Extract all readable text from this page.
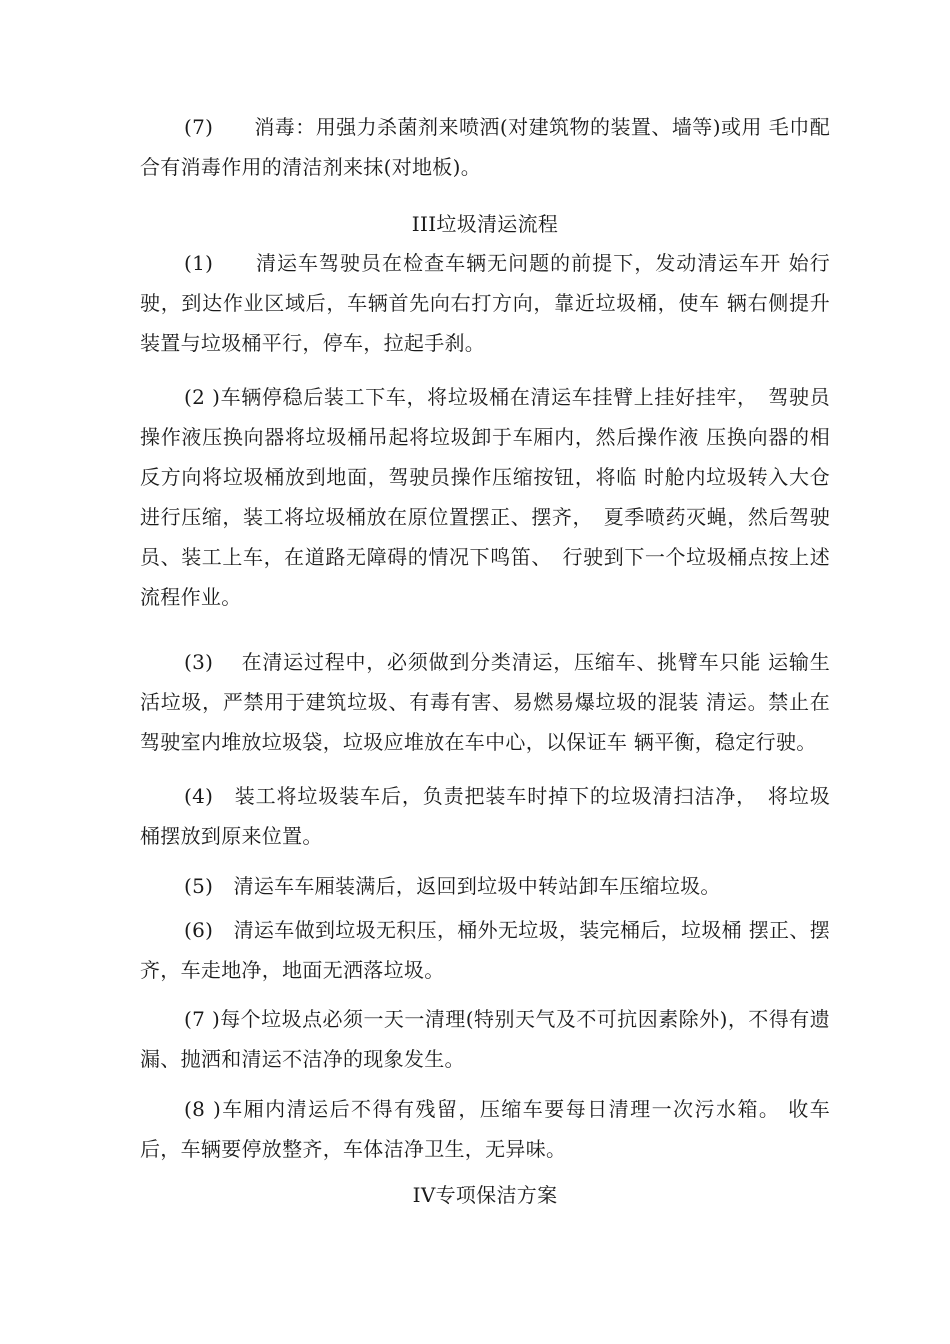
(7)　　消毒：用强力杀菌剂来喷洒(对建筑物的装置、墙等)或用 毛巾配合有消毒作用的清洁剂来抹(对地板)。

III垃圾清运流程

(1)　　清运车驾驶员在检查车辆无问题的前提下，发动清运车开 始行驶，到达作业区域后，车辆首先向右打方向，靠近垃圾桶，使车 辆右侧提升装置与垃圾桶平行，停车，拉起手刹。

(2 )车辆停稳后装工下车，将垃圾桶在清运车挂臂上挂好挂牢，　驾驶员操作液压换向器将垃圾桶吊起将垃圾卸于车厢内，然后操作液 压换向器的相反方向将垃圾桶放到地面，驾驶员操作压缩按钮，将临 时舱内垃圾转入大仓进行压缩，装工将垃圾桶放在原位置摆正、摆齐，　夏季喷药灭蝇，然后驾驶员、装工上车，在道路无障碍的情况下鸣笛、　行驶到下一个垃圾桶点按上述流程作业。

(3)　 在清运过程中，必须做到分类清运，压缩车、挑臂车只能 运输生活垃圾，严禁用于建筑垃圾、有毒有害、易燃易爆垃圾的混装 清运。禁止在驾驶室内堆放垃圾袋，垃圾应堆放在车中心，以保证车 辆平衡，稳定行驶。

(4)　装工将垃圾装车后，负责把装车时掉下的垃圾清扫洁净，　将垃圾桶摆放到原来位置。

(5)　清运车车厢装满后，返回到垃圾中转站卸车压缩垃圾。

(6)　清运车做到垃圾无积压，桶外无垃圾，装完桶后，垃圾桶 摆正、摆齐，车走地净，地面无洒落垃圾。

(7 )每个垃圾点必须一天一清理(特别天气及不可抗因素除外)，不得有遗漏、抛洒和清运不洁净的现象发生。

(8 )车厢内清运后不得有残留，压缩车要每日清理一次污水箱。 收车后，车辆要停放整齐，车体洁净卫生，无异味。

IV专项保洁方案
